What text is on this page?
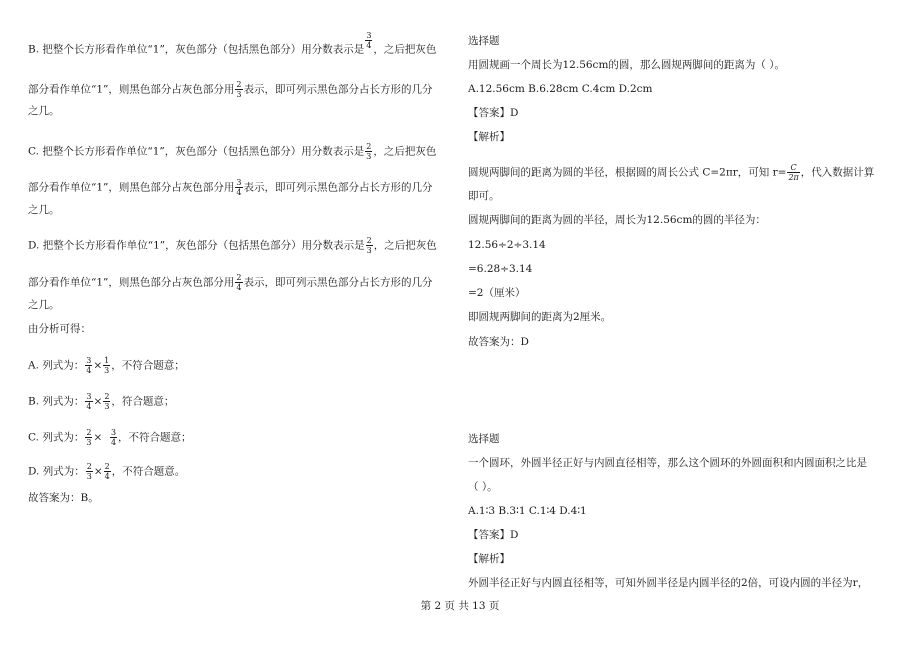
B. 把整个长方形看作单位“1”，灰色部分（包括黑色部分）用分数表示是 $\frac{3}{4}$ ，之后把灰色
部分看作单位“1”，则黑色部分占灰色部分用 $\frac{2}{3}$ 表示，即可列示黑色部分占长方形的几分
之几。
C. 把整个长方形看作单位“1”，灰色部分（包括黑色部分）用分数表示是 $\frac{2}{3}$ ，之后把灰色
部分看作单位“1”，则黑色部分占灰色部分用 $\frac{3}{4}$ 表示，即可列示黑色部分占长方形的几分
之几。
D. 把整个长方形看作单位“1”，灰色部分（包括黑色部分）用分数表示是 $\frac{2}{3}$ ，之后把灰色
部分看作单位“1”，则黑色部分占灰色部分用 $\frac{2}{4}$ 表示，即可列示黑色部分占长方形的几分
之几。
由分析可得：
A. 列式为： $\frac{3}{4} \times \frac{1}{3}$ ，不符合题意；
B. 列式为： $\frac{3}{4} \times \frac{2}{3}$ ，符合题意；
C. 列式为： $\frac{2}{3} \times \frac{3}{4}$ ，不符合题意；
D. 列式为： $\frac{2}{3} \times \frac{2}{4}$ ，不符合题意。
故答案为：B。
选择题
用圆规画一个周长为12.56cm的圆，那么圆规两脚间的距离为（ ）。
A.12.56cm B.6.28cm C.4cm D.2cm
【答案】D
【解析】
圆规两脚间的距离为圆的半径，根据圆的周长公式 C=2πr，可知 $r= \frac{C}{2\pi}$ ，代入数据计算
即可。
圆规两脚间的距离为圆的半径，周长为12.56cm的圆的半径为：
12.56÷2÷3.14
=6.28÷3.14
=2（厘米）
即圆规两脚间的距离为2厘米。
故答案为：D
选择题
一个圆环，外圆半径正好与内圆直径相等，那么这个圆环的外圆面积和内圆面积之比是
（ ）。
A.1∶3 B.3∶1 C.1∶4 D.4∶1
【答案】D
【解析】
外圆半径正好与内圆直径相等，可知外圆半径是内圆半径的2倍，可设内圆的半径为r，
第 2 页 共 13 页
